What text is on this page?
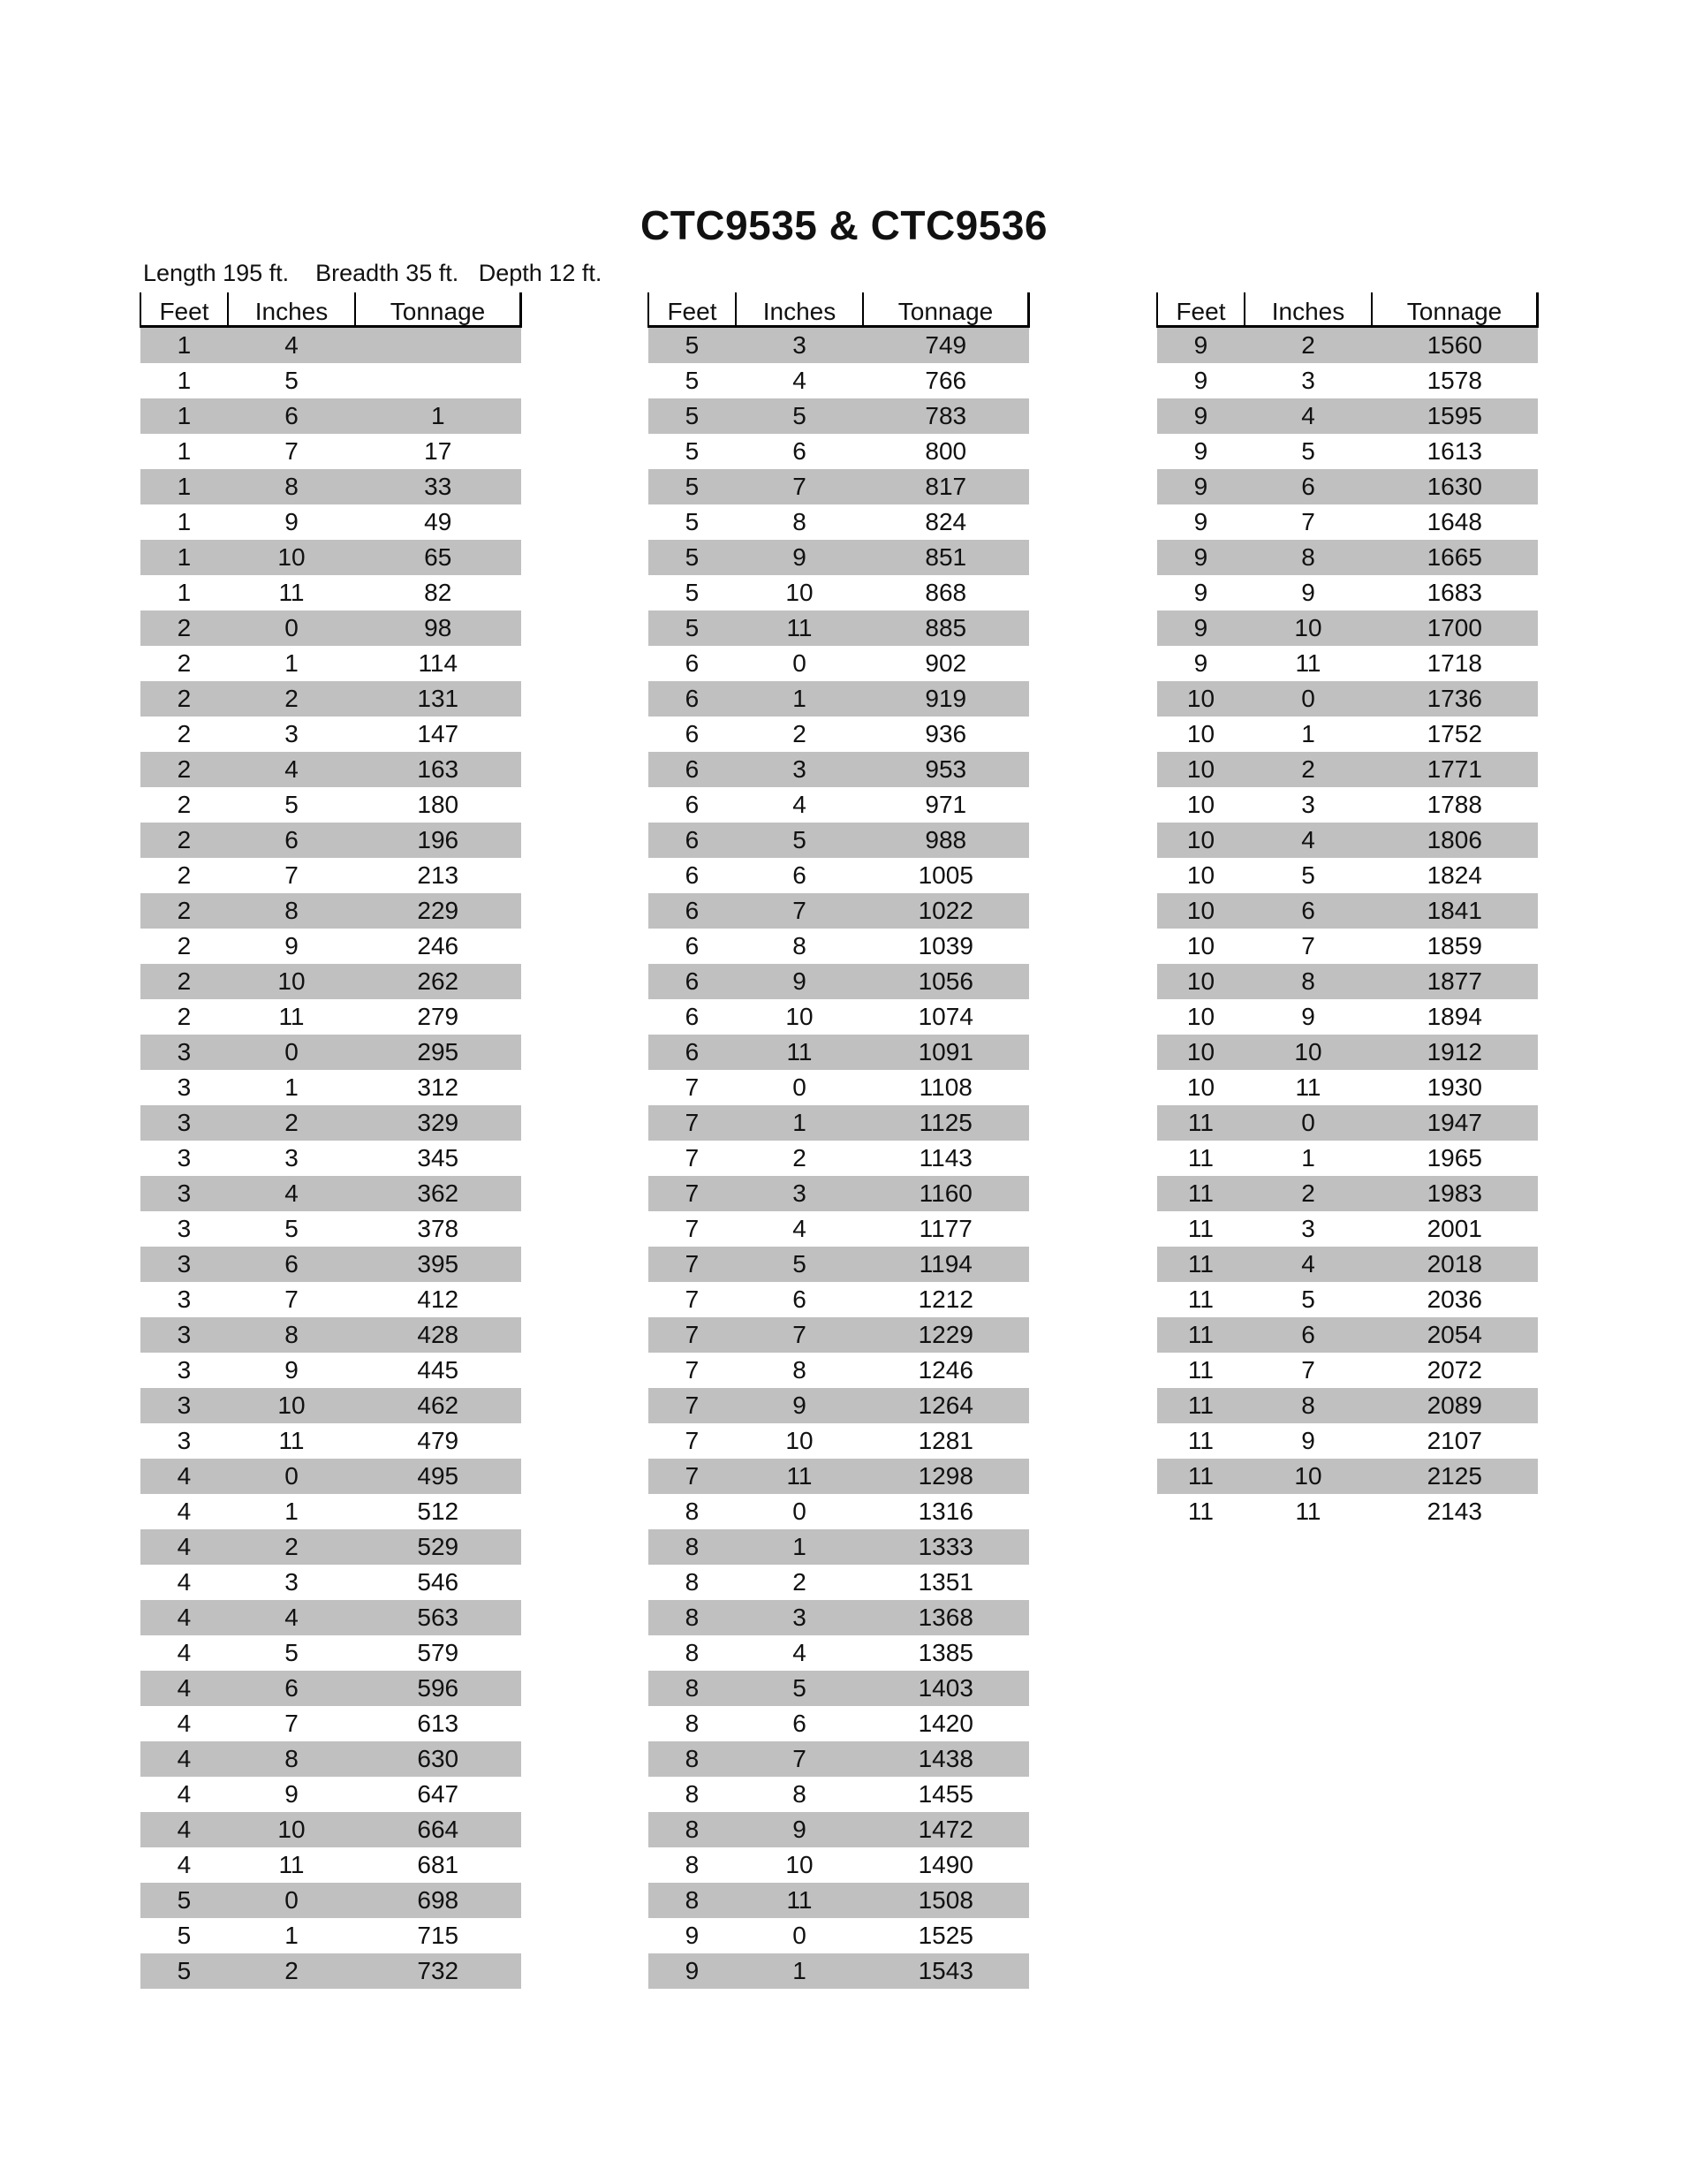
CTC9535 & CTC9536
Length 195 ft.    Breadth 35 ft.   Depth 12 ft.
Feet	Inches	Tonnage
1	4	
1	5	
1	6	1
1	7	17
1	8	33
1	9	49
1	10	65
1	11	82
2	0	98
2	1	114
2	2	131
2	3	147
2	4	163
2	5	180
2	6	196
2	7	213
2	8	229
2	9	246
2	10	262
2	11	279
3	0	295
3	1	312
3	2	329
3	3	345
3	4	362
3	5	378
3	6	395
3	7	412
3	8	428
3	9	445
3	10	462
3	11	479
4	0	495
4	1	512
4	2	529
4	3	546
4	4	563
4	5	579
4	6	596
4	7	613
4	8	630
4	9	647
4	10	664
4	11	681
5	0	698
5	1	715
5	2	732
Feet	Inches	Tonnage
5	3	749
5	4	766
5	5	783
5	6	800
5	7	817
5	8	824
5	9	851
5	10	868
5	11	885
6	0	902
6	1	919
6	2	936
6	3	953
6	4	971
6	5	988
6	6	1005
6	7	1022
6	8	1039
6	9	1056
6	10	1074
6	11	1091
7	0	1108
7	1	1125
7	2	1143
7	3	1160
7	4	1177
7	5	1194
7	6	1212
7	7	1229
7	8	1246
7	9	1264
7	10	1281
7	11	1298
8	0	1316
8	1	1333
8	2	1351
8	3	1368
8	4	1385
8	5	1403
8	6	1420
8	7	1438
8	8	1455
8	9	1472
8	10	1490
8	11	1508
9	0	1525
9	1	1543
Feet	Inches	Tonnage
9	2	1560
9	3	1578
9	4	1595
9	5	1613
9	6	1630
9	7	1648
9	8	1665
9	9	1683
9	10	1700
9	11	1718
10	0	1736
10	1	1752
10	2	1771
10	3	1788
10	4	1806
10	5	1824
10	6	1841
10	7	1859
10	8	1877
10	9	1894
10	10	1912
10	11	1930
11	0	1947
11	1	1965
11	2	1983
11	3	2001
11	4	2018
11	5	2036
11	6	2054
11	7	2072
11	8	2089
11	9	2107
11	10	2125
11	11	2143
